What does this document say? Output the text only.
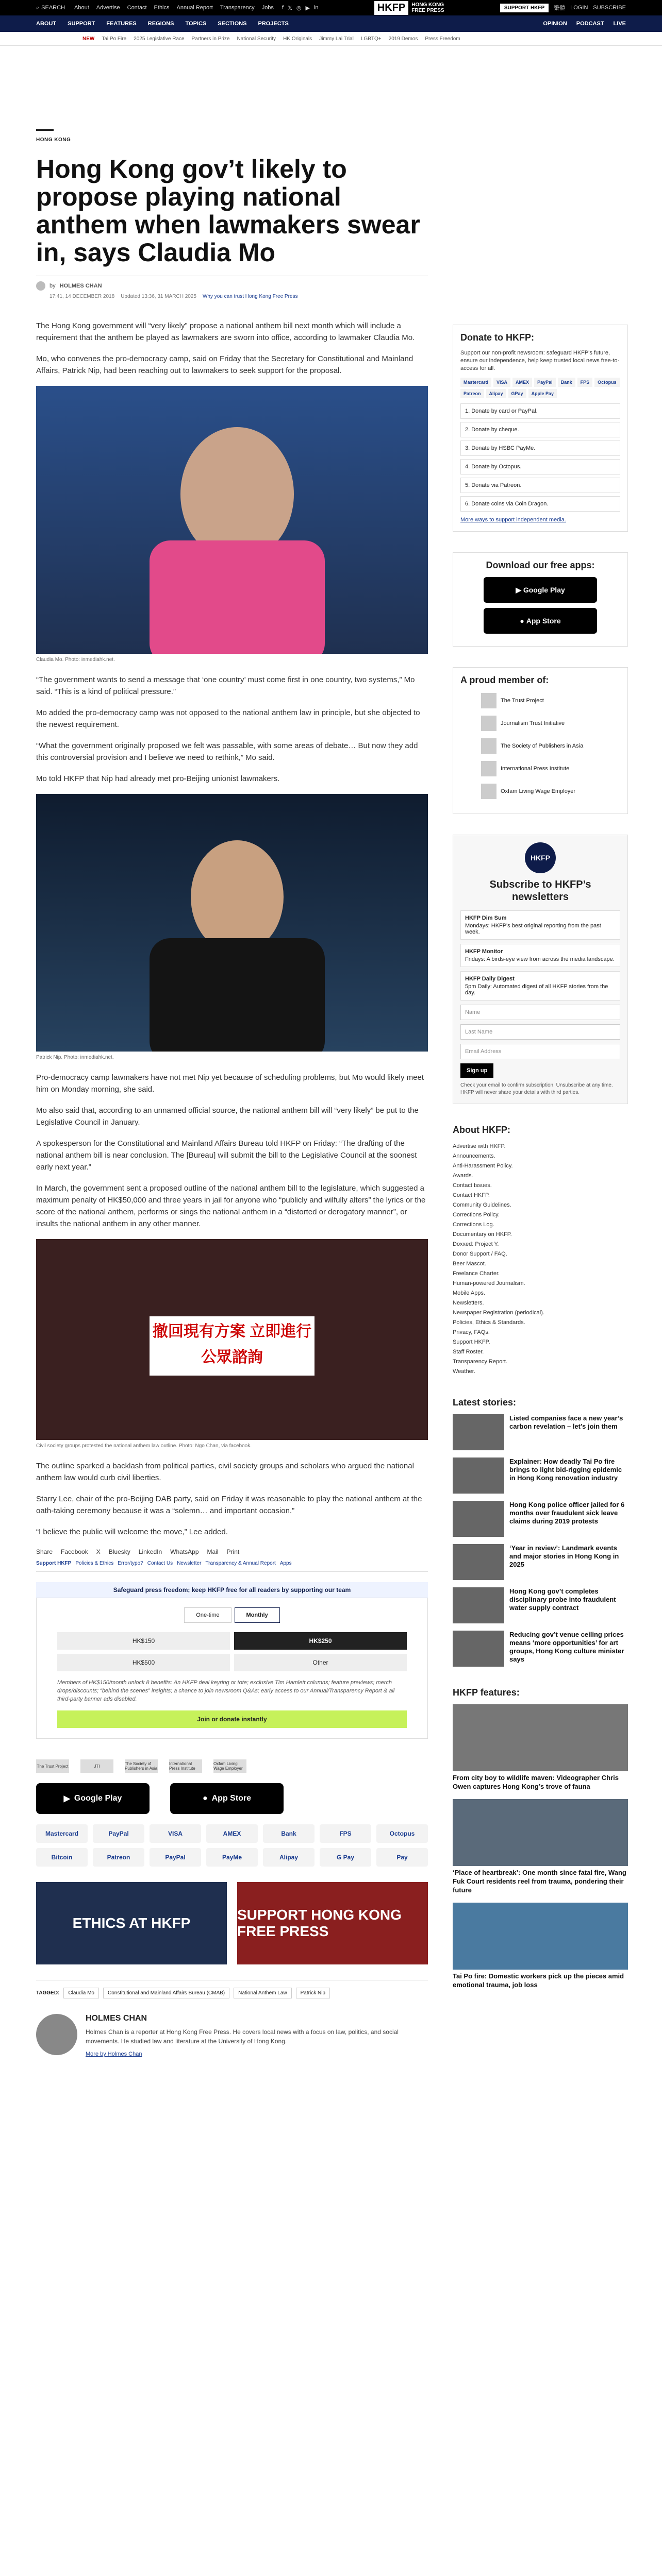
⌕ SEARCH About Advertise Contact Ethics Annual Report Transparency Jobs f 𝕏 ◎ ▶ in	HKFP	HONG KONG
FREE PRESS	SUPPORT HKFP	繁體 LOGIN SUBSCRIBE
ABOUT SUPPORT FEATURES REGIONS TOPICS SECTIONS PROJECTS	OPINION PODCAST LIVE
NEW Tai Po Fire 2025 Legislative Race Partners in Prize National Security HK Originals Jimmy Lai Trial LGBTQ+ 2019 Demos Press Freedom
HONG KONG
Hong Kong gov’t likely to propose playing national anthem when lawmakers swear in, says Claudia Mo
by HOLMES CHAN
17:41, 14 DECEMBER 2018 Updated 13:36, 31 MARCH 2025 Why you can trust Hong Kong Free Press

The Hong Kong government will “very likely” propose a national anthem bill next month which will include a requirement that the anthem be played as lawmakers are sworn into office, according to lawmaker Claudia Mo.

Mo, who convenes the pro-democracy camp, said on Friday that the Secretary for Constitutional and Mainland Affairs, Patrick Nip, had been reaching out to lawmakers to seek support for the proposal.

Claudia Mo. Photo: inmediahk.net.

“The government wants to send a message that ‘one country’ must come first in one country, two systems,” Mo said. “This is a kind of political pressure.”

Mo added the pro-democracy camp was not opposed to the national anthem law in principle, but she objected to the newest requirement.

“What the government originally proposed we felt was passable, with some areas of debate… But now they add this controversial provision and I believe we need to rethink,” Mo said.

Mo told HKFP that Nip had already met pro-Beijing unionist lawmakers.

Patrick Nip. Photo: inmediahk.net.

Pro-democracy camp lawmakers have not met Nip yet because of scheduling problems, but Mo would likely meet him on Monday morning, she said.

Mo also said that, according to an unnamed official source, the national anthem bill will “very likely” be put to the Legislative Council in January.

A spokesperson for the Constitutional and Mainland Affairs Bureau told HKFP on Friday: “The drafting of the national anthem bill is near conclusion. The [Bureau] will submit the bill to the Legislative Council at the soonest early next year.”

In March, the government sent a proposed outline of the national anthem bill to the legislature, which suggested a maximum penalty of HK$50,000 and three years in jail for anyone who “publicly and wilfully alters” the lyrics or the score of the national anthem, performs or sings the national anthem in a “distorted or derogatory manner”, or insults the national anthem in any other manner.

撤回現有方案 立即進行公眾諮詢
Civil society groups protested the national anthem law outline. Photo: Ngo Chan, via facebook.

The outline sparked a backlash from political parties, civil society groups and scholars who argued the national anthem law would curb civil liberties.

Starry Lee, chair of the pro-Beijing DAB party, said on Friday it was reasonable to play the national anthem at the oath-taking ceremony because it was a “solemn… and important occasion.”

“I believe the public will welcome the move,” Lee added.

Share Facebook X Bluesky LinkedIn WhatsApp Mail Print
Support HKFP Policies & Ethics Error/typo? Contact Us Newsletter Transparency & Annual Report Apps
Safeguard press freedom; keep HKFP free for all readers by supporting our team
One-time	Monthly
HK$150	HK$250
HK$500	Other
Members of HK$150/month unlock 8 benefits: An HKFP deal keyring or tote; exclusive Tim Hamlett columns; feature previews; merch drops/discounts; “behind the scenes” insights; a chance to join newsroom Q&As; early access to our Annual/Transparency Report & all third-party banner ads disabled.
Join or donate instantly
The Trust Project	JTI	The Society of Publishers in Asia
International Press Institute
Oxfam Living Wage Employer
▶ Google Play	● App Store
Mastercard	PayPal	VISA	AMEX	Bank	FPS	Octopus
Bitcoin	Patreon	PayPal	PayMe	Alipay	G Pay	Pay
ETHICS AT HKFP
SUPPORT HONG KONG FREE PRESS
TAGGED:	Claudia Mo	Constitutional and Mainland Affairs Bureau (CMAB)	National Anthem Law	Patrick Nip
HOLMES CHAN

Holmes Chan is a reporter at Hong Kong Free Press. He covers local news with a focus on law, politics, and social movements. He studied law and literature at the University of Hong Kong.

More by Holmes Chan
Donate to HKFP:
Support our non-profit newsroom: safeguard HKFP's future, ensure our independence, help keep trusted local news free-to-access for all.
Mastercard	VISA	AMEX	PayPal	Bank	FPS	Octopus
Patreon	Alipay	GPay	Apple Pay
1. Donate by card or PayPal.
2. Donate by cheque.
3. Donate by HSBC PayMe.
4. Donate by Octopus.
5. Donate via Patreon.
6. Donate coins via Coin Dragon.
More ways to support independent media.
Download our free apps:
▶ Google Play
● App Store
A proud member of:
The Trust Project
Journalism Trust Initiative
The Society of Publishers in Asia
International Press Institute
Oxfam Living Wage Employer
HKFP
Subscribe to HKFP’s newsletters
HKFP Dim Sum
Mondays: HKFP's best original reporting from the past week.
HKFP Monitor
Fridays: A birds-eye view from across the media landscape.
HKFP Daily Digest
5pm Daily: Automated digest of all HKFP stories from the day.
Name
Last Name
Email Address
Sign up
Check your email to confirm subscription. Unsubscribe at any time. HKFP will never share your details with third parties.
About HKFP:
Advertise with HKFP.
Announcements.
Anti-Harassment Policy.
Awards.
Contact Issues.
Contact HKFP.
Community Guidelines.
Corrections Policy.
Corrections Log.
Documentary on HKFP.
Doxxed: Project Y.
Donor Support / FAQ.
Beer Mascot.
Freelance Charter.
Human-powered Journalism.
Mobile Apps.
Newsletters.
Newspaper Registration (periodical).
Policies, Ethics & Standards.
Privacy, FAQs.
Support HKFP.
Staff Roster.
Transparency Report.
Weather.
Latest stories:
Listed companies face a new year’s carbon revelation – let’s join them
Explainer: How deadly Tai Po fire brings to light bid-rigging epidemic in Hong Kong renovation industry
Hong Kong police officer jailed for 6 months over fraudulent sick leave claims during 2019 protests
‘Year in review’: Landmark events and major stories in Hong Kong in 2025
Hong Kong gov’t completes disciplinary probe into fraudulent water supply contract
Reducing gov’t venue ceiling prices means ‘more opportunities’ for art groups, Hong Kong culture minister says
HKFP features:
From city boy to wildlife maven: Videographer Chris Owen captures Hong Kong’s trove of fauna
‘Place of heartbreak’: One month since fatal fire, Wang Fuk Court residents reel from trauma, pondering their future
Tai Po fire: Domestic workers pick up the pieces amid emotional trauma, job loss
